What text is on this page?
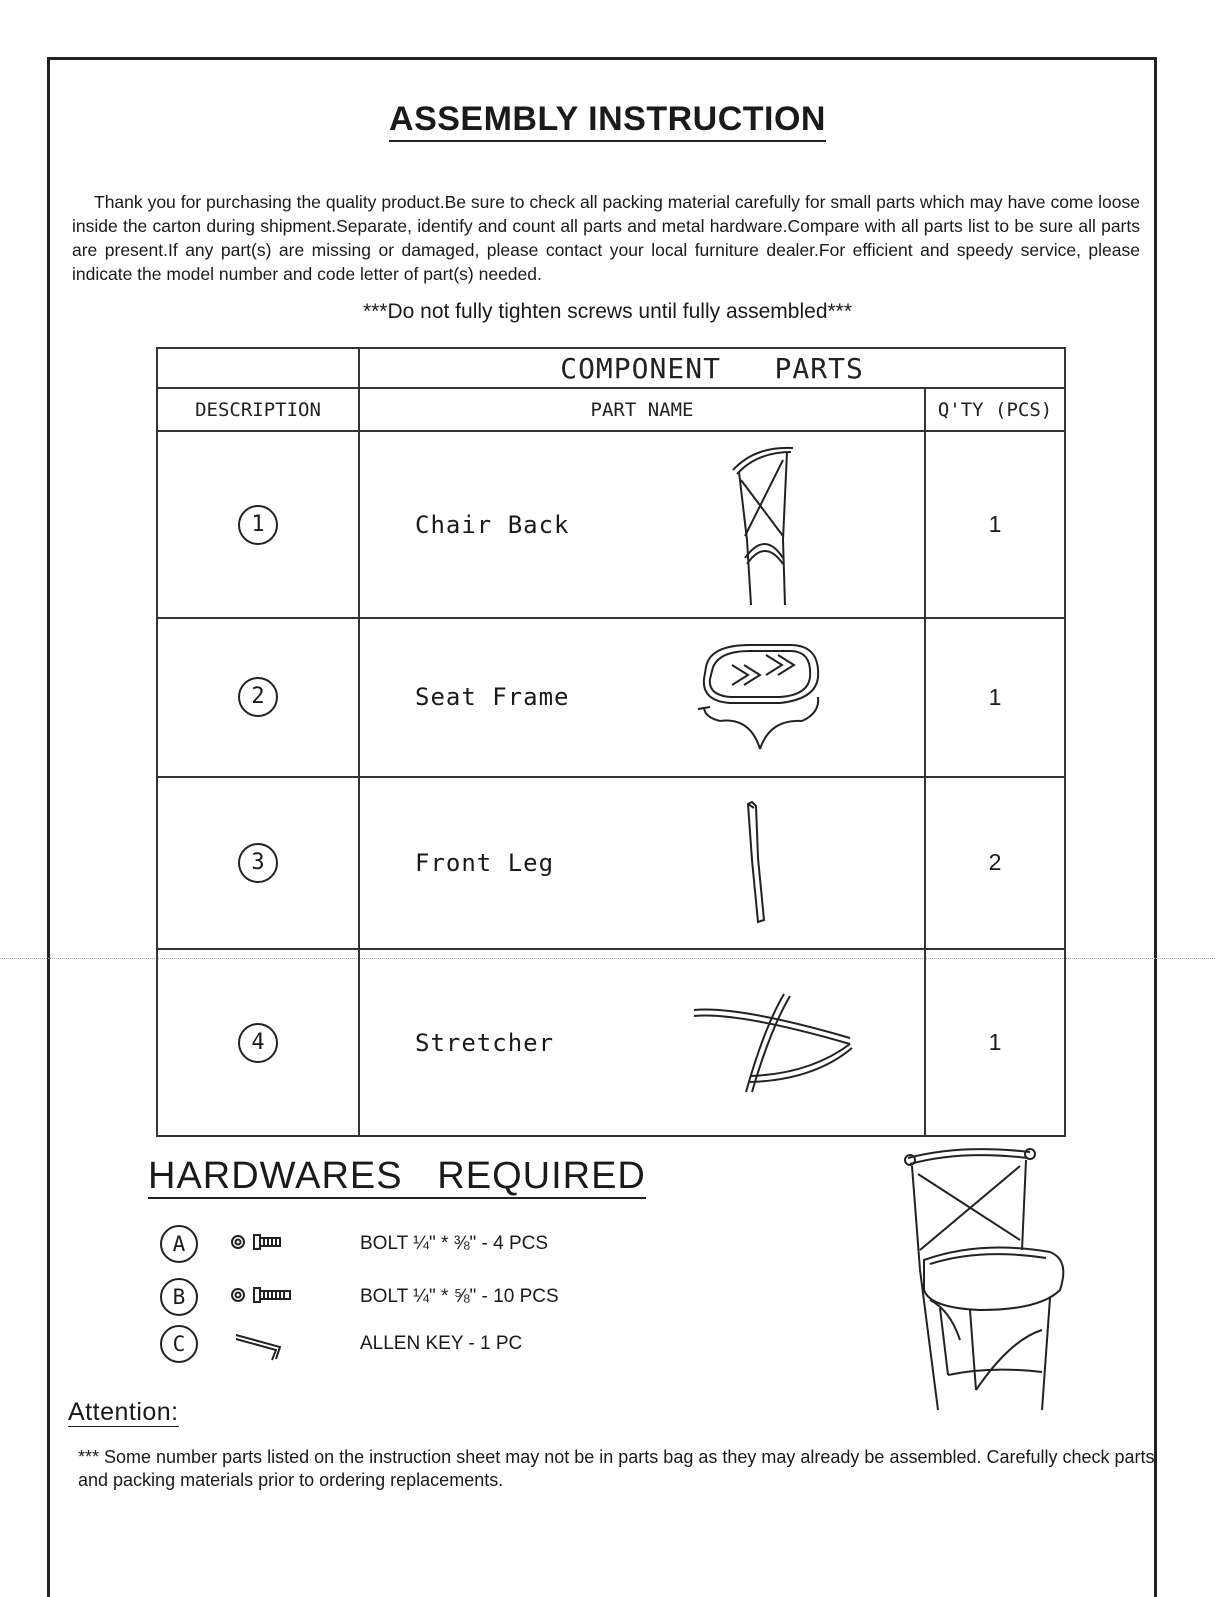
ASSEMBLY INSTRUCTION
Thank you for purchasing the quality product.Be sure to check all packing material carefully for small parts which may have come loose inside the carton during shipment.Separate, identify and count all parts and metal hardware.Compare with all parts list to be sure all parts are present.If any part(s) are missing or damaged, please contact your local furniture dealer.For efficient and speedy service, please indicate the model number and code letter of part(s) needed.
***Do not fully tighten screws until fully assembled***
	COMPONENT   PARTS	
DESCRIPTION	PART NAME	Q'TY (PCS)
1	Chair Back	1
2	Seat Frame	1
3	Front Leg	2
4	Stretcher	1
HARDWARES   REQUIRED
A	BOLT ¼" * ⅜" - 4 PCS
B	BOLT ¼" * ⅝" - 10 PCS
C	ALLEN KEY - 1 PC
Attention:
*** Some number parts listed on the instruction sheet may not be in parts bag as they may already be assembled. Carefully check parts and packing materials prior to ordering replacements.
